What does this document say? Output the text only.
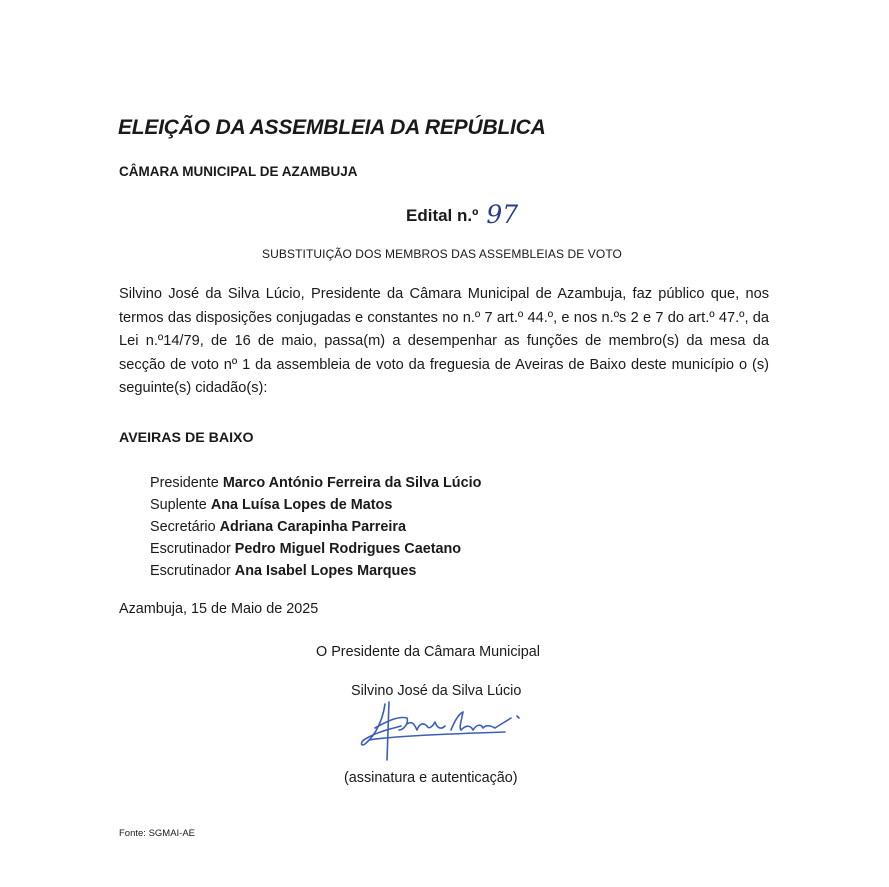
ELEIÇÃO DA ASSEMBLEIA DA REPÚBLICA

CÂMARA MUNICIPAL DE AZAMBUJA

Edital n.º 97

SUBSTITUIÇÃO DOS MEMBROS DAS ASSEMBLEIAS DE VOTO

Silvino José da Silva Lúcio, Presidente da Câmara Municipal de Azambuja, faz público que, nos termos das disposições conjugadas e constantes no n.º 7 art.º 44.º, e nos n.ºs 2 e 7 do art.º 47.º, da Lei n.º14/79, de 16 de maio, passa(m) a desempenhar as funções de membro(s) da mesa da secção de voto nº 1 da assembleia de voto da freguesia de Aveiras de Baixo deste município o (s) seguinte(s) cidadão(s):

AVEIRAS DE BAIXO

Presidente Marco António Ferreira da Silva Lúcio
Suplente Ana Luísa Lopes de Matos
Secretário Adriana Carapinha Parreira
Escrutinador Pedro Miguel Rodrigues Caetano
Escrutinador Ana Isabel Lopes Marques

Azambuja, 15 de Maio de 2025

O Presidente da Câmara Municipal

Silvino José da Silva Lúcio

(assinatura e autenticação)

Fonte: SGMAI-AE
